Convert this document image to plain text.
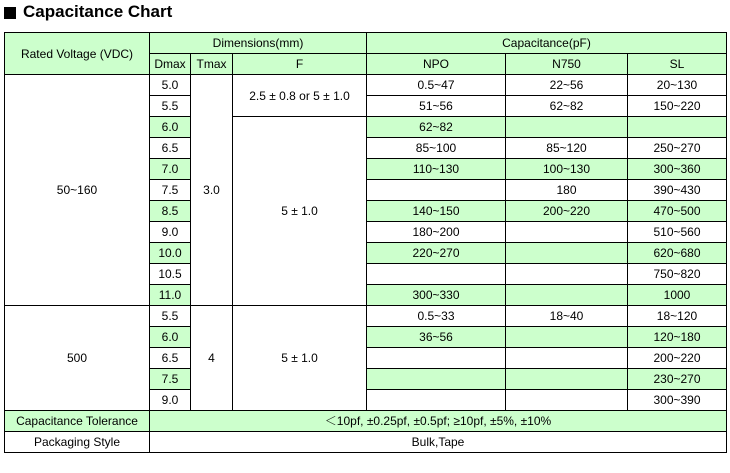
Capacitance Chart
Rated Voltage (VDC)	Dimensions(mm)			Capacitance(pF)		
	Dmax	Tmax	F	NPO	N750	SL
50~160	5.0	3.0	2.5 ± 0.8 or 5 ± 1.0	0.5~47	22~56	20~130
	5.5			51~56	62~82	150~220
	6.0		5 ± 1.0	62~82		
	6.5			85~100	85~120	250~270
	7.0			110~130	100~130	300~360
	7.5				180	390~430
	8.5			140~150	200~220	470~500
	9.0			180~200		510~560
	10.0			220~270		620~680
	10.5					750~820
	11.0			300~330		1000
500	5.5	4	5 ± 1.0	0.5~33	18~40	18~120
	6.0			36~56		120~180
	6.5					200~220
	7.5					230~270
	9.0					300~390
Capacitance Tolerance	＜10pf, ±0.25pf, ±0.5pf; ≥10pf, ±5%, ±10%					
Packaging Style	Bulk,Tape					
